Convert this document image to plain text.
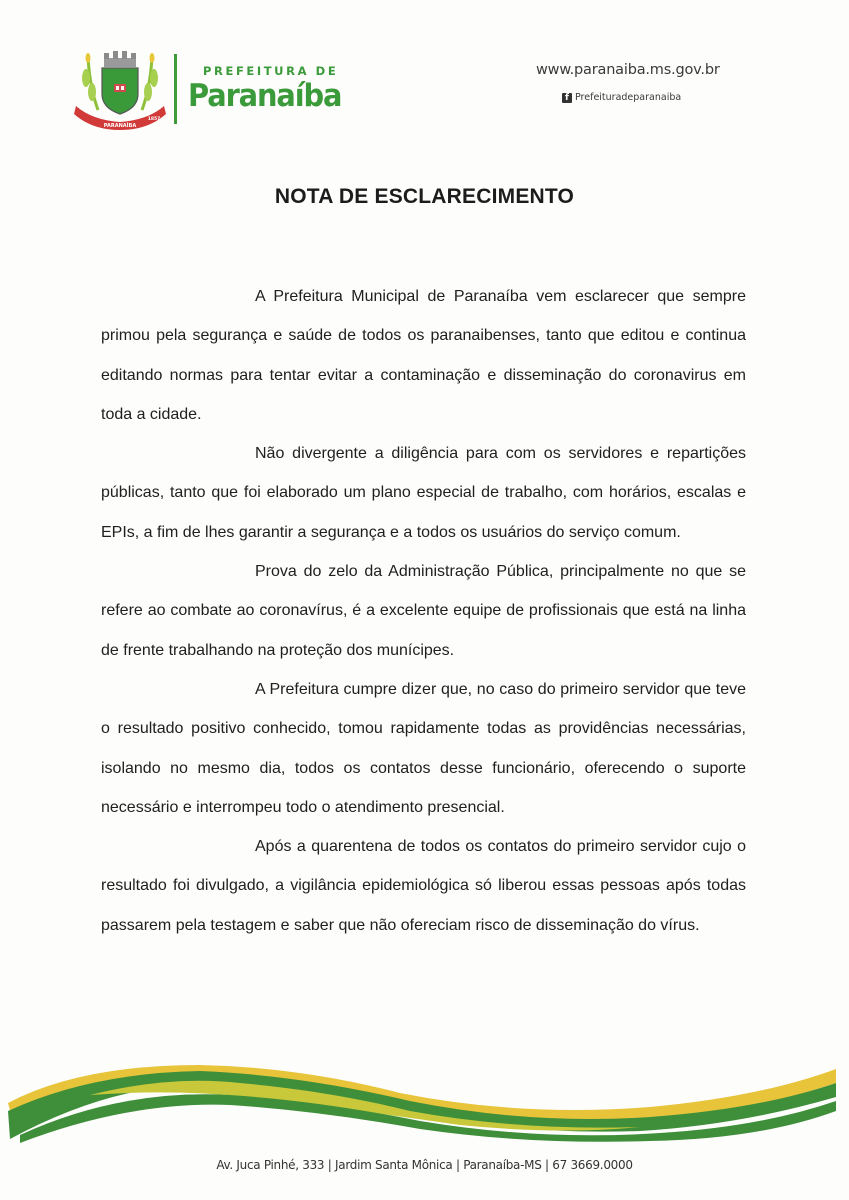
PARANAÍBA
1857
PREFEITURA DE
Paranaíba
www.paranaiba.ms.gov.br
f Prefeituradeparanaiba
NOTA DE ESCLARECIMENTO

A Prefeitura Municipal de Paranaíba vem esclarecer que sempre primou pela segurança e saúde de todos os paranaibenses, tanto que editou e continua editando normas para tentar evitar a contaminação e disseminação do coronavirus em toda a cidade.

Não divergente a diligência para com os servidores e repartições públicas, tanto que foi elaborado um plano especial de trabalho, com horários, escalas e EPIs, a fim de lhes garantir a segurança e a todos os usuários do serviço comum.

Prova do zelo da Administração Pública, principalmente no que se refere ao combate ao coronavírus, é a excelente equipe de profissionais que está na linha de frente trabalhando na proteção dos munícipes.

A Prefeitura cumpre dizer que, no caso do primeiro servidor que teve o resultado positivo conhecido, tomou rapidamente todas as providências necessárias, isolando no mesmo dia, todos os contatos desse funcionário, oferecendo o suporte necessário e interrompeu todo o atendimento presencial.

Após a quarentena de todos os contatos do primeiro servidor cujo o resultado foi divulgado, a vigilância epidemiológica só liberou essas pessoas após todas passarem pela testagem e saber que não ofereciam risco de disseminação do vírus.

Av. Juca Pinhé, 333 | Jardim Santa Mônica | Paranaíba-MS | 67 3669.0000
